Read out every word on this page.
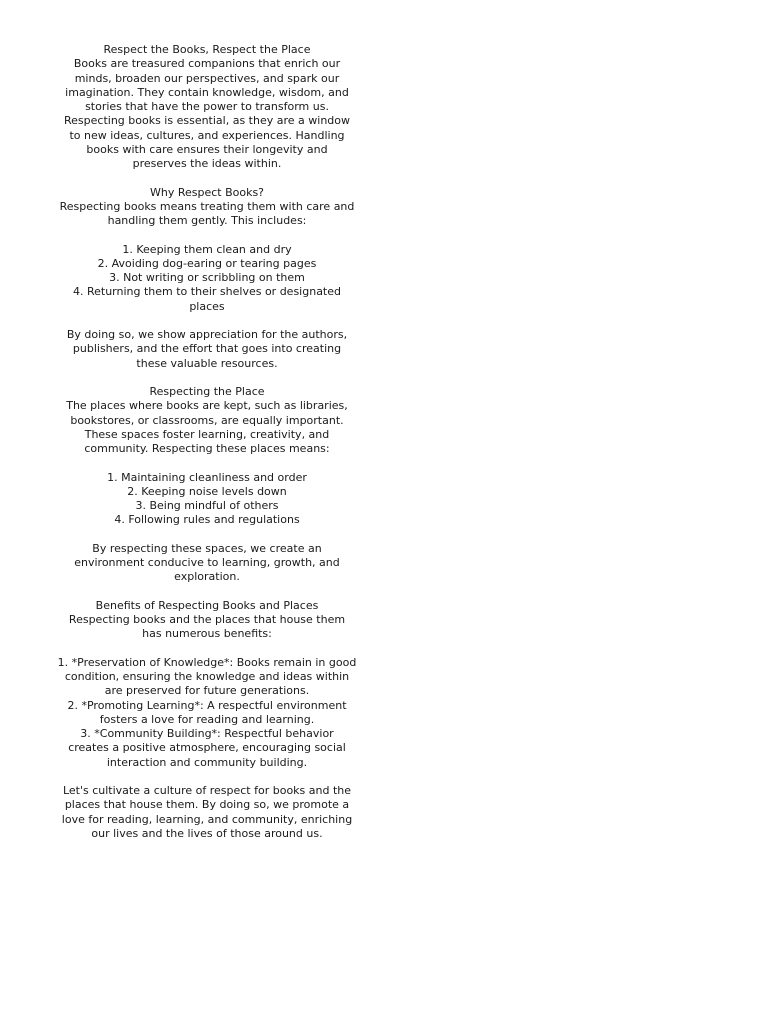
Respect the Books, Respect the Place
Books are treasured companions that enrich our
minds, broaden our perspectives, and spark our
imagination. They contain knowledge, wisdom, and
stories that have the power to transform us.
Respecting books is essential, as they are a window
to new ideas, cultures, and experiences. Handling
books with care ensures their longevity and
preserves the ideas within.
Why Respect Books?
Respecting books means treating them with care and
handling them gently. This includes:
1. Keeping them clean and dry
2. Avoiding dog-earing or tearing pages
3. Not writing or scribbling on them
4. Returning them to their shelves or designated
places
By doing so, we show appreciation for the authors,
publishers, and the effort that goes into creating
these valuable resources.
Respecting the Place
The places where books are kept, such as libraries,
bookstores, or classrooms, are equally important.
These spaces foster learning, creativity, and
community. Respecting these places means:
1. Maintaining cleanliness and order
2. Keeping noise levels down
3. Being mindful of others
4. Following rules and regulations
By respecting these spaces, we create an
environment conducive to learning, growth, and
exploration.
Benefits of Respecting Books and Places
Respecting books and the places that house them
has numerous benefits:
1. *Preservation of Knowledge*: Books remain in good
condition, ensuring the knowledge and ideas within
are preserved for future generations.
2. *Promoting Learning*: A respectful environment
fosters a love for reading and learning.
3. *Community Building*: Respectful behavior
creates a positive atmosphere, encouraging social
interaction and community building.
Let's cultivate a culture of respect for books and the
places that house them. By doing so, we promote a
love for reading, learning, and community, enriching
our lives and the lives of those around us.
